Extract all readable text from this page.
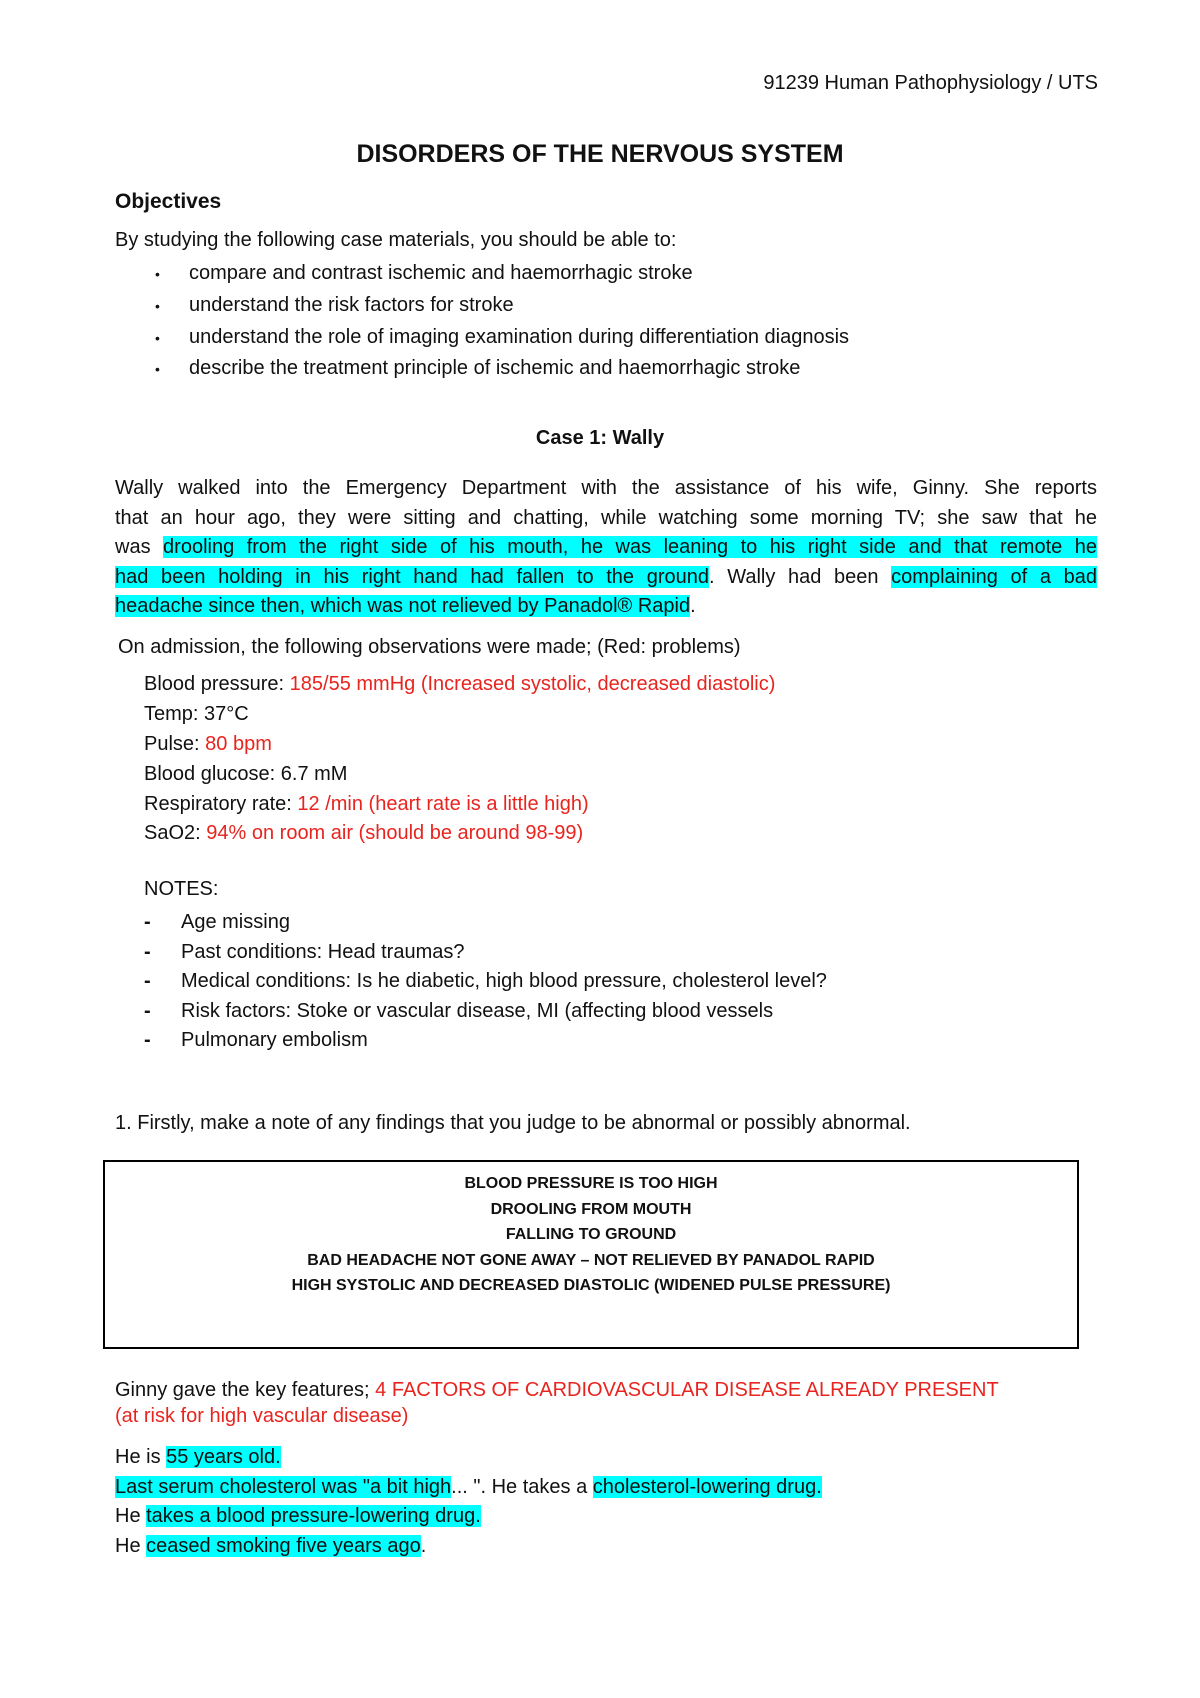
91239 Human Pathophysiology / UTS
DISORDERS OF THE NERVOUS SYSTEM
Objectives
By studying the following case materials, you should be able to:
• compare and contrast ischemic and haemorrhagic stroke
• understand the risk factors for stroke
• understand the role of imaging examination during differentiation diagnosis
• describe the treatment principle of ischemic and haemorrhagic stroke
Case 1: Wally
Wally walked into the Emergency Department with the assistance of his wife, Ginny. She reports
that an hour ago, they were sitting and chatting, while watching some morning TV; she saw that he
was drooling from the right side of his mouth, he was leaning to his right side and that remote he
had been holding in his right hand had fallen to the ground. Wally had been complaining of a bad
headache since then, which was not relieved by Panadol® Rapid.
On admission, the following observations were made; (Red: problems)
Blood pressure: 185/55 mmHg (Increased systolic, decreased diastolic)
Temp: 37°C
Pulse: 80 bpm
Blood glucose: 6.7 mM
Respiratory rate: 12 /min (heart rate is a little high)
SaO2: 94% on room air (should be around 98-99)
NOTES:
- Age missing
- Past conditions: Head traumas?
- Medical conditions: Is he diabetic, high blood pressure, cholesterol level?
- Risk factors: Stoke or vascular disease, MI (affecting blood vessels
- Pulmonary embolism
1. Firstly, make a note of any findings that you judge to be abnormal or possibly abnormal.
BLOOD PRESSURE IS TOO HIGH
DROOLING FROM MOUTH
FALLING TO GROUND
BAD HEADACHE NOT GONE AWAY – NOT RELIEVED BY PANADOL RAPID
HIGH SYSTOLIC AND DECREASED DIASTOLIC (WIDENED PULSE PRESSURE)
Ginny gave the key features; 4 FACTORS OF CARDIOVASCULAR DISEASE ALREADY PRESENT (at risk for high vascular disease)
He is 55 years old.
Last serum cholesterol was "a bit high... ". He takes a cholesterol-lowering drug.
He takes a blood pressure-lowering drug.
He ceased smoking five years ago.
